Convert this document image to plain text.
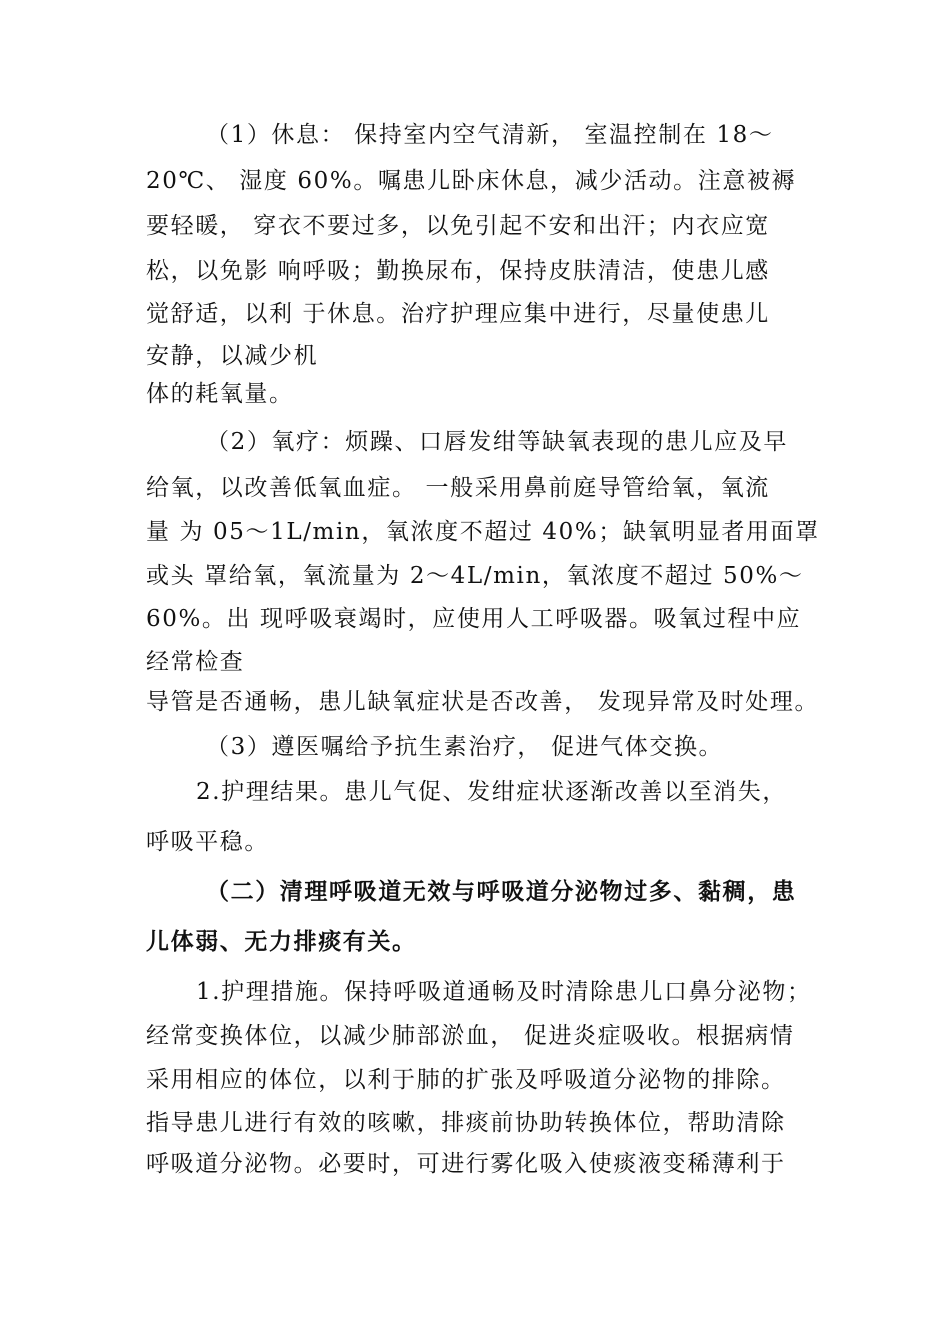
（1）休息： 保持室内空气清新， 室温控制在 18～
20℃、 湿度 60%。嘱患儿卧床休息，减少活动。注意被褥
要轻暖， 穿衣不要过多，以免引起不安和出汗；内衣应宽
松，以免影 响呼吸；勤换尿布，保持皮肤清洁，使患儿感
觉舒适，以利 于休息。治疗护理应集中进行，尽量使患儿
安静，以减少机
体的耗氧量。
（2）氧疗：烦躁、口唇发绀等缺氧表现的患儿应及早
给氧，以改善低氧血症。 一般采用鼻前庭导管给氧，氧流
量 为 05～1L/min，氧浓度不超过 40%；缺氧明显者用面罩
或头 罩给氧，氧流量为 2～4L/min，氧浓度不超过 50%～
60%。出 现呼吸衰竭时，应使用人工呼吸器。吸氧过程中应
经常检查
导管是否通畅，患儿缺氧症状是否改善， 发现异常及时处理。
（3）遵医嘱给予抗生素治疗， 促进气体交换。
2.护理结果。患儿气促、发绀症状逐渐改善以至消失，
呼吸平稳。
（二）清理呼吸道无效与呼吸道分泌物过多、黏稠，患
儿体弱、无力排痰有关。
1.护理措施。保持呼吸道通畅及时清除患儿口鼻分泌物；
经常变换体位，以减少肺部淤血， 促进炎症吸收。根据病情
采用相应的体位，以利于肺的扩张及呼吸道分泌物的排除。
指导患儿进行有效的咳嗽，排痰前协助转换体位，帮助清除
呼吸道分泌物。必要时，可进行雾化吸入使痰液变稀薄利于
